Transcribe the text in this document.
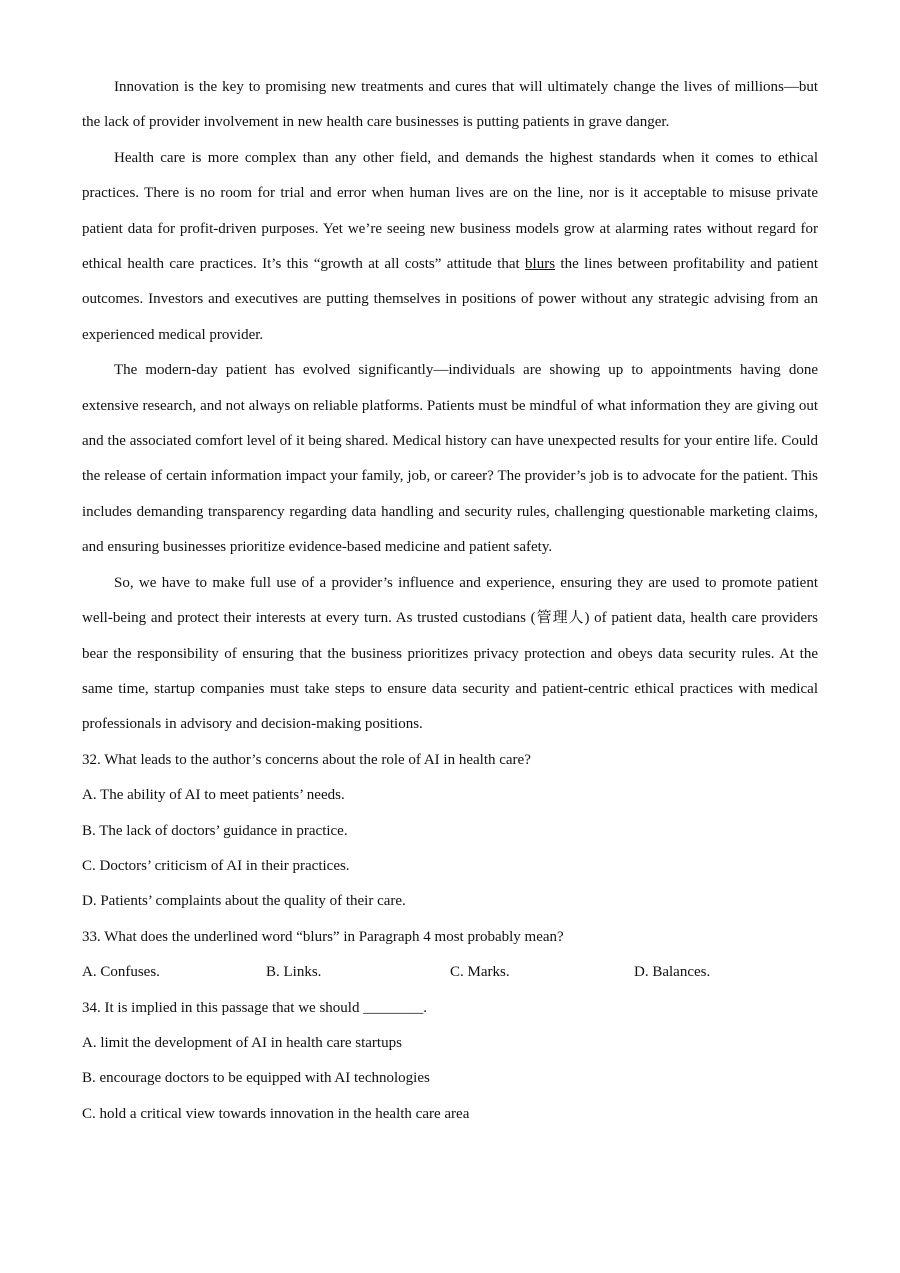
Innovation is the key to promising new treatments and cures that will ultimately change the lives of millions—but the lack of provider involvement in new health care businesses is putting patients in grave danger.

Health care is more complex than any other field, and demands the highest standards when it comes to ethical practices. There is no room for trial and error when human lives are on the line, nor is it acceptable to misuse private patient data for profit-driven purposes. Yet we’re seeing new business models grow at alarming rates without regard for ethical health care practices. It’s this “growth at all costs” attitude that blurs the lines between profitability and patient outcomes. Investors and executives are putting themselves in positions of power without any strategic advising from an experienced medical provider.

The modern-day patient has evolved significantly—individuals are showing up to appointments having done extensive research, and not always on reliable platforms. Patients must be mindful of what information they are giving out and the associated comfort level of it being shared. Medical history can have unexpected results for your entire life. Could the release of certain information impact your family, job, or career? The provider’s job is to advocate for the patient. This includes demanding transparency regarding data handling and security rules, challenging questionable marketing claims, and ensuring businesses prioritize evidence-based medicine and patient safety.

So, we have to make full use of a provider’s influence and experience, ensuring they are used to promote patient well-being and protect their interests at every turn. As trusted custodians (管理人) of patient data, health care providers bear the responsibility of ensuring that the business prioritizes privacy protection and obeys data security rules. At the same time, startup companies must take steps to ensure data security and patient-centric ethical practices with medical professionals in advisory and decision-making positions.

32. What leads to the author’s concerns about the role of AI in health care?

A. The ability of AI to meet patients’ needs.

B. The lack of doctors’ guidance in practice.

C. Doctors’ criticism of AI in their practices.

D. Patients’ complaints about the quality of their care.

33. What does the underlined word “blurs” in Paragraph 4 most probably mean?

A. Confuses.	B. Links.	C. Marks.	D. Balances.

34. It is implied in this passage that we should ________.

A. limit the development of AI in health care startups

B. encourage doctors to be equipped with AI technologies

C. hold a critical view towards innovation in the health care area
